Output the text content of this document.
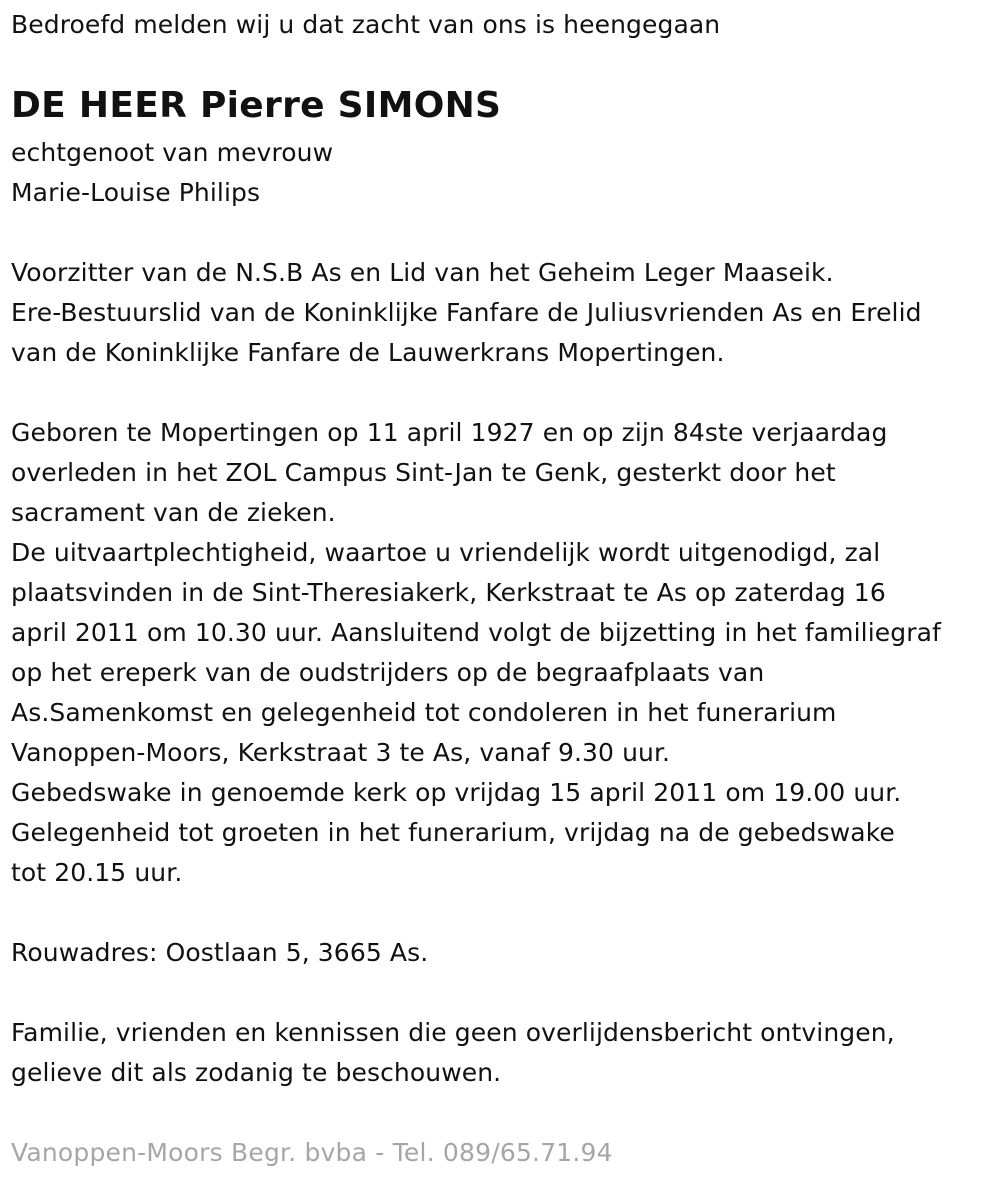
Bedroefd melden wij u dat zacht van ons is heengegaan
DE HEER Pierre SIMONS
echtgenoot van mevrouw
Marie-Louise Philips
Voorzitter van de N.S.B As en Lid van het Geheim Leger Maaseik.
Ere-Bestuurslid van de Koninklijke Fanfare de Juliusvrienden As en Erelid
van de Koninklijke Fanfare de Lauwerkrans Mopertingen.
Geboren te Mopertingen op 11 april 1927 en op zijn 84ste verjaardag
overleden in het ZOL Campus Sint-Jan te Genk, gesterkt door het
sacrament van de zieken.
De uitvaartplechtigheid, waartoe u vriendelijk wordt uitgenodigd, zal
plaatsvinden in de Sint-Theresiakerk, Kerkstraat te As op zaterdag 16
april 2011 om 10.30 uur. Aansluitend volgt de bijzetting in het familiegraf
op het ereperk van de oudstrijders op de begraafplaats van
As.Samenkomst en gelegenheid tot condoleren in het funerarium
Vanoppen-Moors, Kerkstraat 3 te As, vanaf 9.30 uur.
Gebedswake in genoemde kerk op vrijdag 15 april 2011 om 19.00 uur.
Gelegenheid tot groeten in het funerarium, vrijdag na de gebedswake
tot 20.15 uur.
Rouwadres: Oostlaan 5, 3665 As.
Familie, vrienden en kennissen die geen overlijdensbericht ontvingen,
gelieve dit als zodanig te beschouwen.
Vanoppen-Moors Begr. bvba - Tel. 089/65.71.94
